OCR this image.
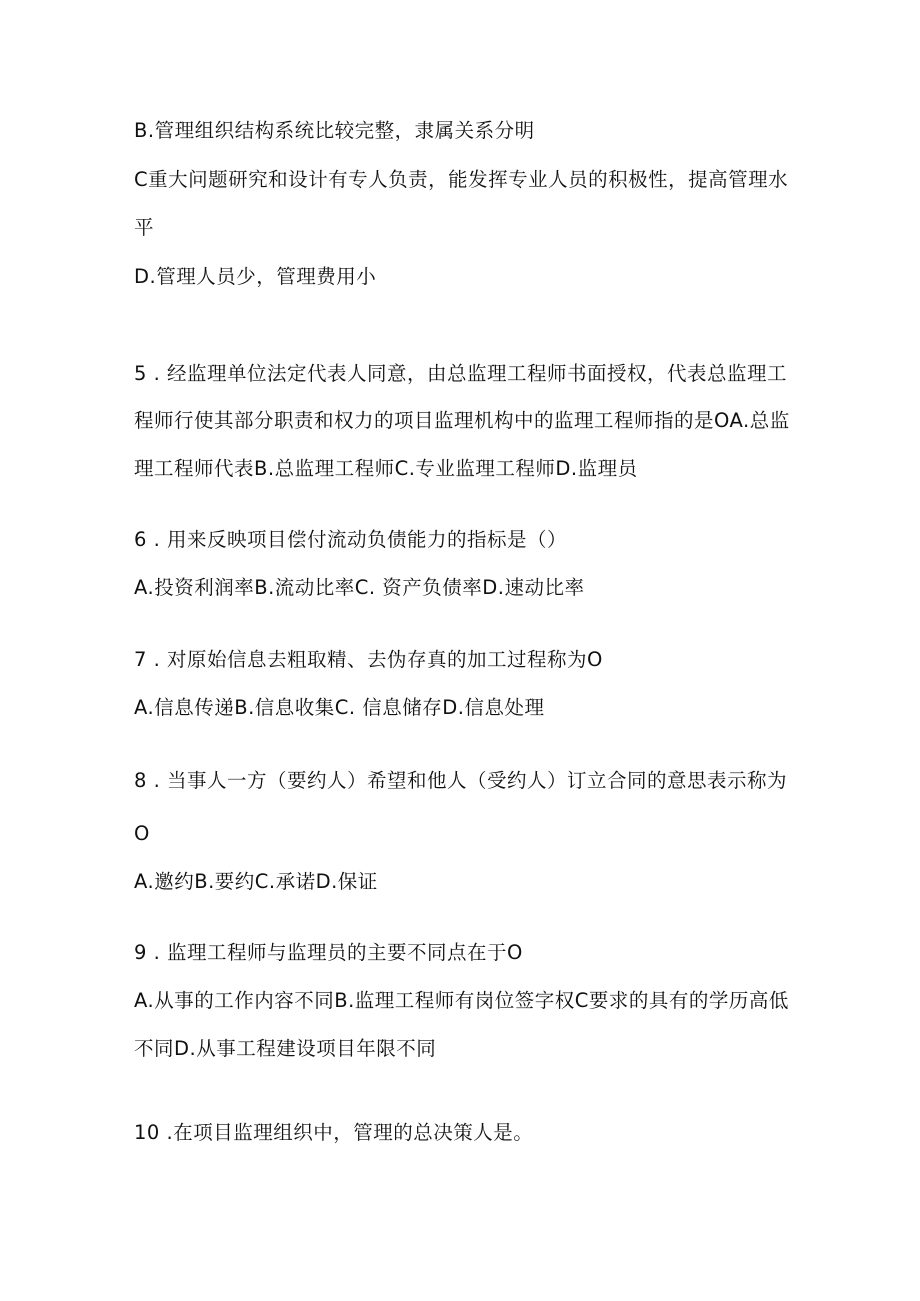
B.管理组织结构系统比较完整，隶属关系分明
C重大问题研究和设计有专人负责，能发挥专业人员的积极性，提高管理水
平
D.管理人员少，管理费用小
5 . 经监理单位法定代表人同意，由总监理工程师书面授权，代表总监理工
程师行使其部分职责和权力的项目监理机构中的监理工程师指的是OA.总监
理工程师代表B.总监理工程师C.专业监理工程师D.监理员
6 . 用来反映项目偿付流动负债能力的指标是（）
A.投资利润率B.流动比率C. 资产负债率D.速动比率
7 . 对原始信息去粗取精、去伪存真的加工过程称为O
A.信息传递B.信息收集C. 信息储存D.信息处理
8 . 当事人一方（要约人）希望和他人（受约人）订立合同的意思表示称为
O
A.邀约B.要约C.承诺D.保证
9 . 监理工程师与监理员的主要不同点在于O
A.从事的工作内容不同B.监理工程师有岗位签字权C要求的具有的学历高低
不同D.从事工程建设项目年限不同
10 .在项目监理组织中，管理的总决策人是。
